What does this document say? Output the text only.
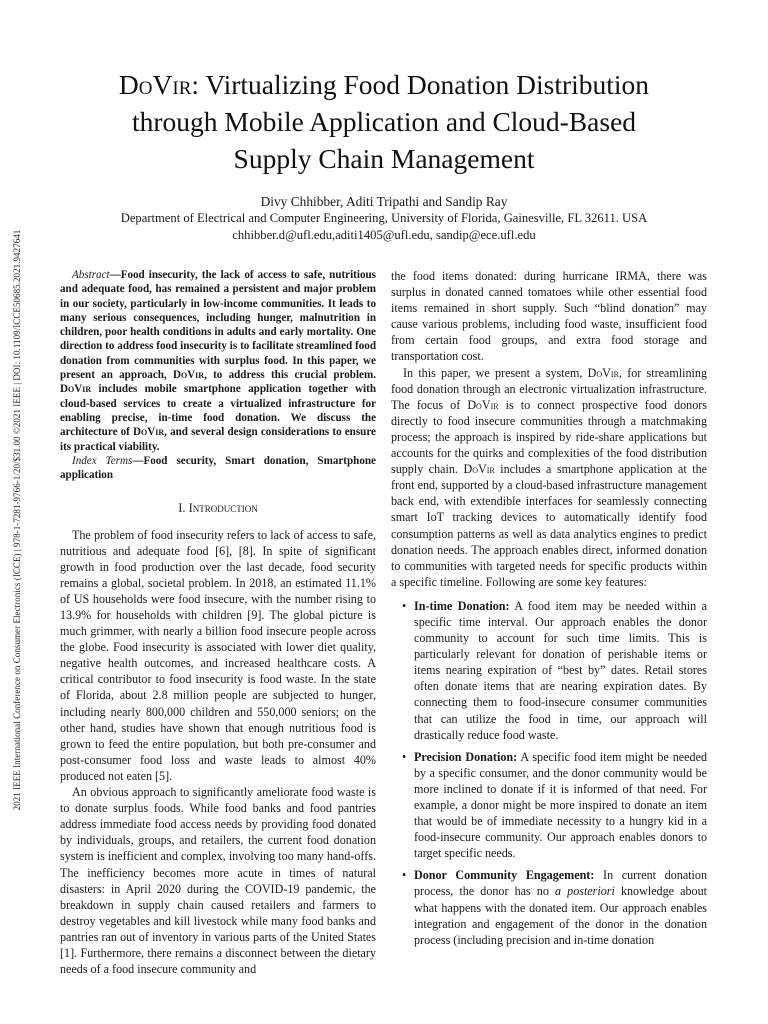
2021 IEEE International Conference on Consumer Electronics (ICCE) | 978-1-7281-9766-1/20/$31.00 ©2021 IEEE | DOI: 10.1109/ICCE50685.2021.9427641
DoVir: Virtualizing Food Donation Distribution
through Mobile Application and Cloud-Based
Supply Chain Management
Divy Chhibber, Aditi Tripathi and Sandip Ray
Department of Electrical and Computer Engineering, University of Florida, Gainesville, FL 32611. USA
chhibber.d@ufl.edu,aditi1405@ufl.edu, sandip@ece.ufl.edu

Abstract—Food insecurity, the lack of access to safe, nutritious and adequate food, has remained a persistent and major problem in our society, particularly in low-income communities. It leads to many serious consequences, including hunger, malnutrition in children, poor health conditions in adults and early mortality. One direction to address food insecurity is to facilitate streamlined food donation from communities with surplus food. In this paper, we present an approach, DoVir, to address this crucial problem. DoVir includes mobile smartphone application together with cloud-based services to create a virtualized infrastructure for enabling precise, in-time food donation. We discuss the architecture of DoVir, and several design considerations to ensure its practical viability.

Index Terms—Food security, Smart donation, Smartphone application

I. Introduction

The problem of food insecurity refers to lack of access to safe, nutritious and adequate food [6], [8]. In spite of significant growth in food production over the last decade, food security remains a global, societal problem. In 2018, an estimated 11.1% of US households were food insecure, with the number rising to 13.9% for households with children [9]. The global picture is much grimmer, with nearly a billion food insecure people across the globe. Food insecurity is associated with lower diet quality, negative health outcomes, and increased healthcare costs. A critical contributor to food insecurity is food waste. In the state of Florida, about 2.8 million people are subjected to hunger, including nearly 800,000 children and 550,000 seniors; on the other hand, studies have shown that enough nutritious food is grown to feed the entire population, but both pre-consumer and post-consumer food loss and waste leads to almost 40% produced not eaten [5].

An obvious approach to significantly ameliorate food waste is to donate surplus foods. While food banks and food pantries address immediate food access needs by providing food donated by individuals, groups, and retailers, the current food donation system is inefficient and complex, involving too many hand-offs. The inefficiency becomes more acute in times of natural disasters: in April 2020 during the COVID-19 pandemic, the breakdown in supply chain caused retailers and farmers to destroy vegetables and kill livestock while many food banks and pantries ran out of inventory in various parts of the United States [1]. Furthermore, there remains a disconnect between the dietary needs of a food insecure community and

the food items donated: during hurricane IRMA, there was surplus in donated canned tomatoes while other essential food items remained in short supply. Such “blind donation” may cause various problems, including food waste, insufficient food from certain food groups, and extra food storage and transportation cost.

In this paper, we present a system, DoVir, for streamlining food donation through an electronic virtualization infrastructure. The focus of DoVir is to connect prospective food donors directly to food insecure communities through a matchmaking process; the approach is inspired by ride-share applications but accounts for the quirks and complexities of the food distribution supply chain. DoVir includes a smartphone application at the front end, supported by a cloud-based infrastructure management back end, with extendible interfaces for seamlessly connecting smart IoT tracking devices to automatically identify food consumption patterns as well as data analytics engines to predict donation needs. The approach enables direct, informed donation to communities with targeted needs for specific products within a specific timeline. Following are some key features:

• In-time Donation: A food item may be needed within a specific time interval. Our approach enables the donor community to account for such time limits. This is particularly relevant for donation of perishable items or items nearing expiration of “best by” dates. Retail stores often donate items that are nearing expiration dates. By connecting them to food-insecure consumer communities that can utilize the food in time, our approach will drastically reduce food waste.
• Precision Donation: A specific food item might be needed by a specific consumer, and the donor community would be more inclined to donate if it is informed of that need. For example, a donor might be more inspired to donate an item that would be of immediate necessity to a hungry kid in a food-insecure community. Our approach enables donors to target specific needs.
• Donor Community Engagement: In current donation process, the donor has no a posteriori knowledge about what happens with the donated item. Our approach enables integration and engagement of the donor in the donation process (including precision and in-time donation
